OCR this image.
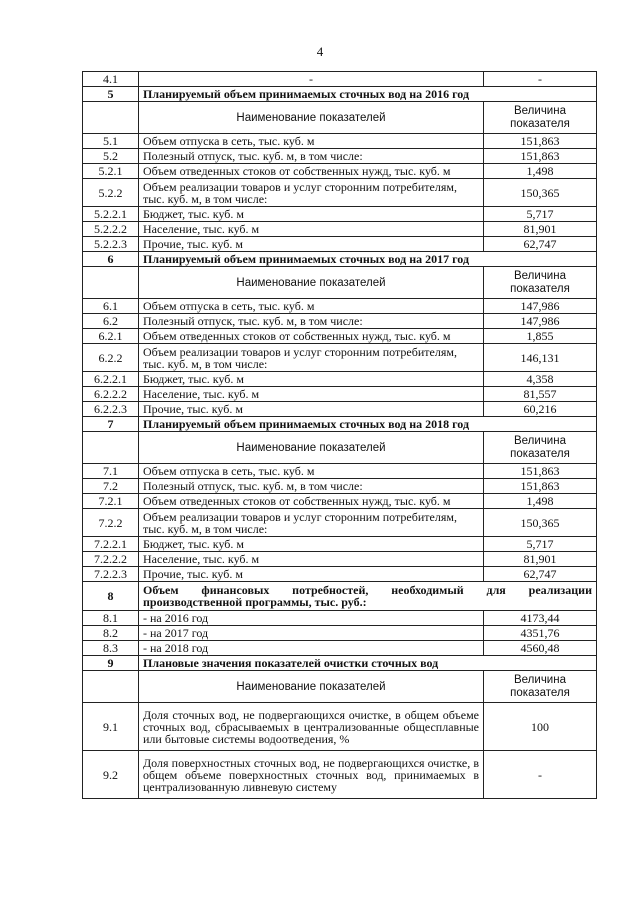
4
4.1	-	-
5	Планируемый объем принимаемых сточных вод на 2016 год	
	Наименование показателей	Величина показателя
5.1	Объем отпуска в сеть, тыс. куб. м	151,863
5.2	Полезный отпуск, тыс. куб. м, в том числе:	151,863
5.2.1	Объем отведенных стоков от собственных нужд, тыс. куб. м	1,498
5.2.2	Объем реализации товаров и услуг сторонним потребителям, тыс. куб. м, в том числе:	150,365
5.2.2.1	Бюджет, тыс. куб. м	5,717
5.2.2.2	Население, тыс. куб. м	81,901
5.2.2.3	Прочие, тыс. куб. м	62,747
6	Планируемый объем принимаемых сточных вод на 2017 год	
	Наименование показателей	Величина показателя
6.1	Объем отпуска в сеть, тыс. куб. м	147,986
6.2	Полезный отпуск, тыс. куб. м, в том числе:	147,986
6.2.1	Объем отведенных стоков от собственных нужд, тыс. куб. м	1,855
6.2.2	Объем реализации товаров и услуг сторонним потребителям, тыс. куб. м, в том числе:	146,131
6.2.2.1	Бюджет, тыс. куб. м	4,358
6.2.2.2	Население, тыс. куб. м	81,557
6.2.2.3	Прочие, тыс. куб. м	60,216
7	Планируемый объем принимаемых сточных вод на 2018 год	
	Наименование показателей	Величина показателя
7.1	Объем отпуска в сеть, тыс. куб. м	151,863
7.2	Полезный отпуск, тыс. куб. м, в том числе:	151,863
7.2.1	Объем отведенных стоков от собственных нужд, тыс. куб. м	1,498
7.2.2	Объем реализации товаров и услуг сторонним потребителям, тыс. куб. м, в том числе:	150,365
7.2.2.1	Бюджет, тыс. куб. м	5,717
7.2.2.2	Население, тыс. куб. м	81,901
7.2.2.3	Прочие, тыс. куб. м	62,747
8	Объем финансовых потребностей, необходимый для реализации производственной программы, тыс. руб.:	
8.1	- на 2016 год	4173,44
8.2	- на 2017 год	4351,76
8.3	- на 2018 год	4560,48
9	Плановые значения показателей очистки сточных вод	
	Наименование показателей	Величина показателя
9.1	Доля сточных вод, не подвергающихся очистке, в общем объеме сточных вод, сбрасываемых в централизованные общесплавные или бытовые системы водоотведения, %	100
9.2	Доля поверхностных сточных вод, не подвергающихся очистке, в общем объеме поверхностных сточных вод, принимаемых в централизованную ливневую систему	-
